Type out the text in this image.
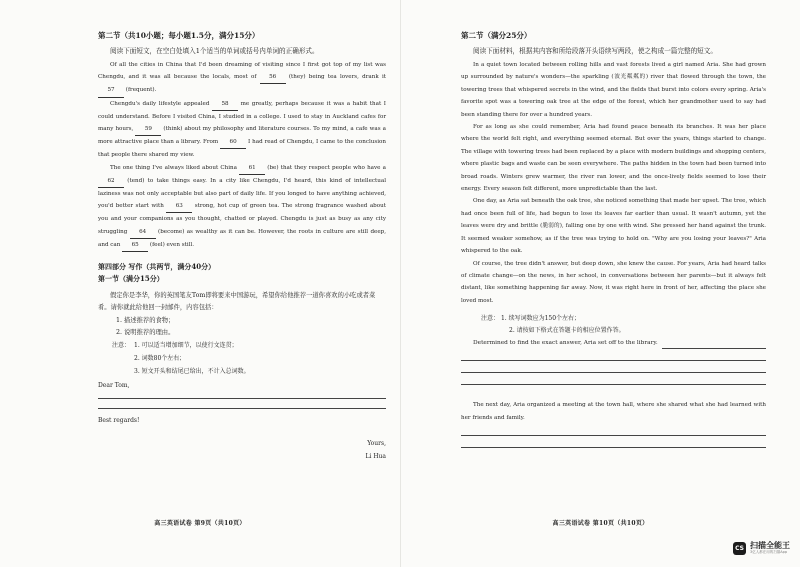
第二节（共10小题；每小题1.5分，满分15分）

阅读下面短文，在空白处填入1个适当的单词或括号内单词的正确形式。

Of all the cities in China that I'd been dreaming of visiting since I first got top of my list was Chengdu, and it was all because the locals, most of 56 (they) being tea lovers, drank it 57 (frequent).

Chengdu's daily lifestyle appealed 58 me greatly, perhaps because it was a habit that I could understand. Before I visited China, I studied in a college. I used to stay in Auckland cafes for many hours, 59 (think) about my philosophy and literature courses. To my mind, a cafe was a more attractive place than a library. From 60 I had read of Chengdu, I came to the conclusion that people there shared my view.

The one thing I've always liked about China 61 (be) that they respect people who have a 62 (tend) to take things easy. In a city like Chengdu, I'd heard, this kind of intellectual laziness was not only acceptable but also part of daily life. If you longed to have anything achieved, you'd better start with 63 strong, hot cup of green tea. The strong fragrance washed about you and your companions as you thought, chatted or played. Chengdu is just as busy as any city struggling 64 (become) as wealthy as it can be. However, the roots in culture are still deep, and can 65 (feel) even still.

第四部分 写作（共两节，满分40分）

第一节（满分15分）

假定你是李华，你的英国笔友Tom即将要来中国游玩，希望你给他推荐一道你喜欢的小吃或者菜肴。请你就此给他回一封邮件，内容包括：

1. 描述推荐的食物；

2. 说明推荐的理由。

注意： 1. 可以适当增加细节，以使行文连贯；

2. 词数80个左右；

3. 短文开头和结尾已给出，不计入总词数。

Dear Tom,

Best regards!

Yours,

Li Hua

高三英语试卷 第9页（共10页）

第二节（满分25分）

阅读下面材料，根据其内容和所给段落开头语续写两段，使之构成一篇完整的短文。

In a quiet town located between rolling hills and vast forests lived a girl named Aria. She had grown up surrounded by nature's wonders—the sparkling (波光粼粼的) river that flowed through the town, the towering trees that whispered secrets in the wind, and the fields that burst into colors every spring. Aria's favorite spot was a towering oak tree at the edge of the forest, which her grandmother used to say had been standing there for over a hundred years.

For as long as she could remember, Aria had found peace beneath its branches. It was her place where the world felt right, and everything seemed eternal. But over the years, things started to change. The village with towering trees had been replaced by a place with modern buildings and shopping centers, where plastic bags and waste can be seen everywhere. The paths hidden in the town had been turned into broad roads. Winters grew warmer, the river ran lower, and the once-lively fields seemed to lose their energy. Every season felt different, more unpredictable than the last.

One day, as Aria sat beneath the oak tree, she noticed something that made her upset. The tree, which had once been full of life, had begun to lose its leaves far earlier than usual. It wasn't autumn, yet the leaves were dry and brittle (脆弱的), falling one by one with wind. She pressed her hand against the trunk. It seemed weaker somehow, as if the tree was trying to hold on. "Why are you losing your leaves?" Aria whispered to the oak.

Of course, the tree didn't answer, but deep down, she knew the cause. For years, Aria had heard talks of climate change—on the news, in her school, in conversations between her parents—but it always felt distant, like something happening far away. Now, it was right here in front of her, affecting the place she loved most.

注意： 1. 续写词数应为150个左右；

2. 请按如下格式在答题卡的相应位置作答。

Determined to find the exact answer, Aria set off to the library.

The next day, Aria organized a meeting at the town hall, where she shared what she had learned with her friends and family.

高三英语试卷 第10页（共10页）
CS 扫描全能王
3亿人都在用的扫描App
